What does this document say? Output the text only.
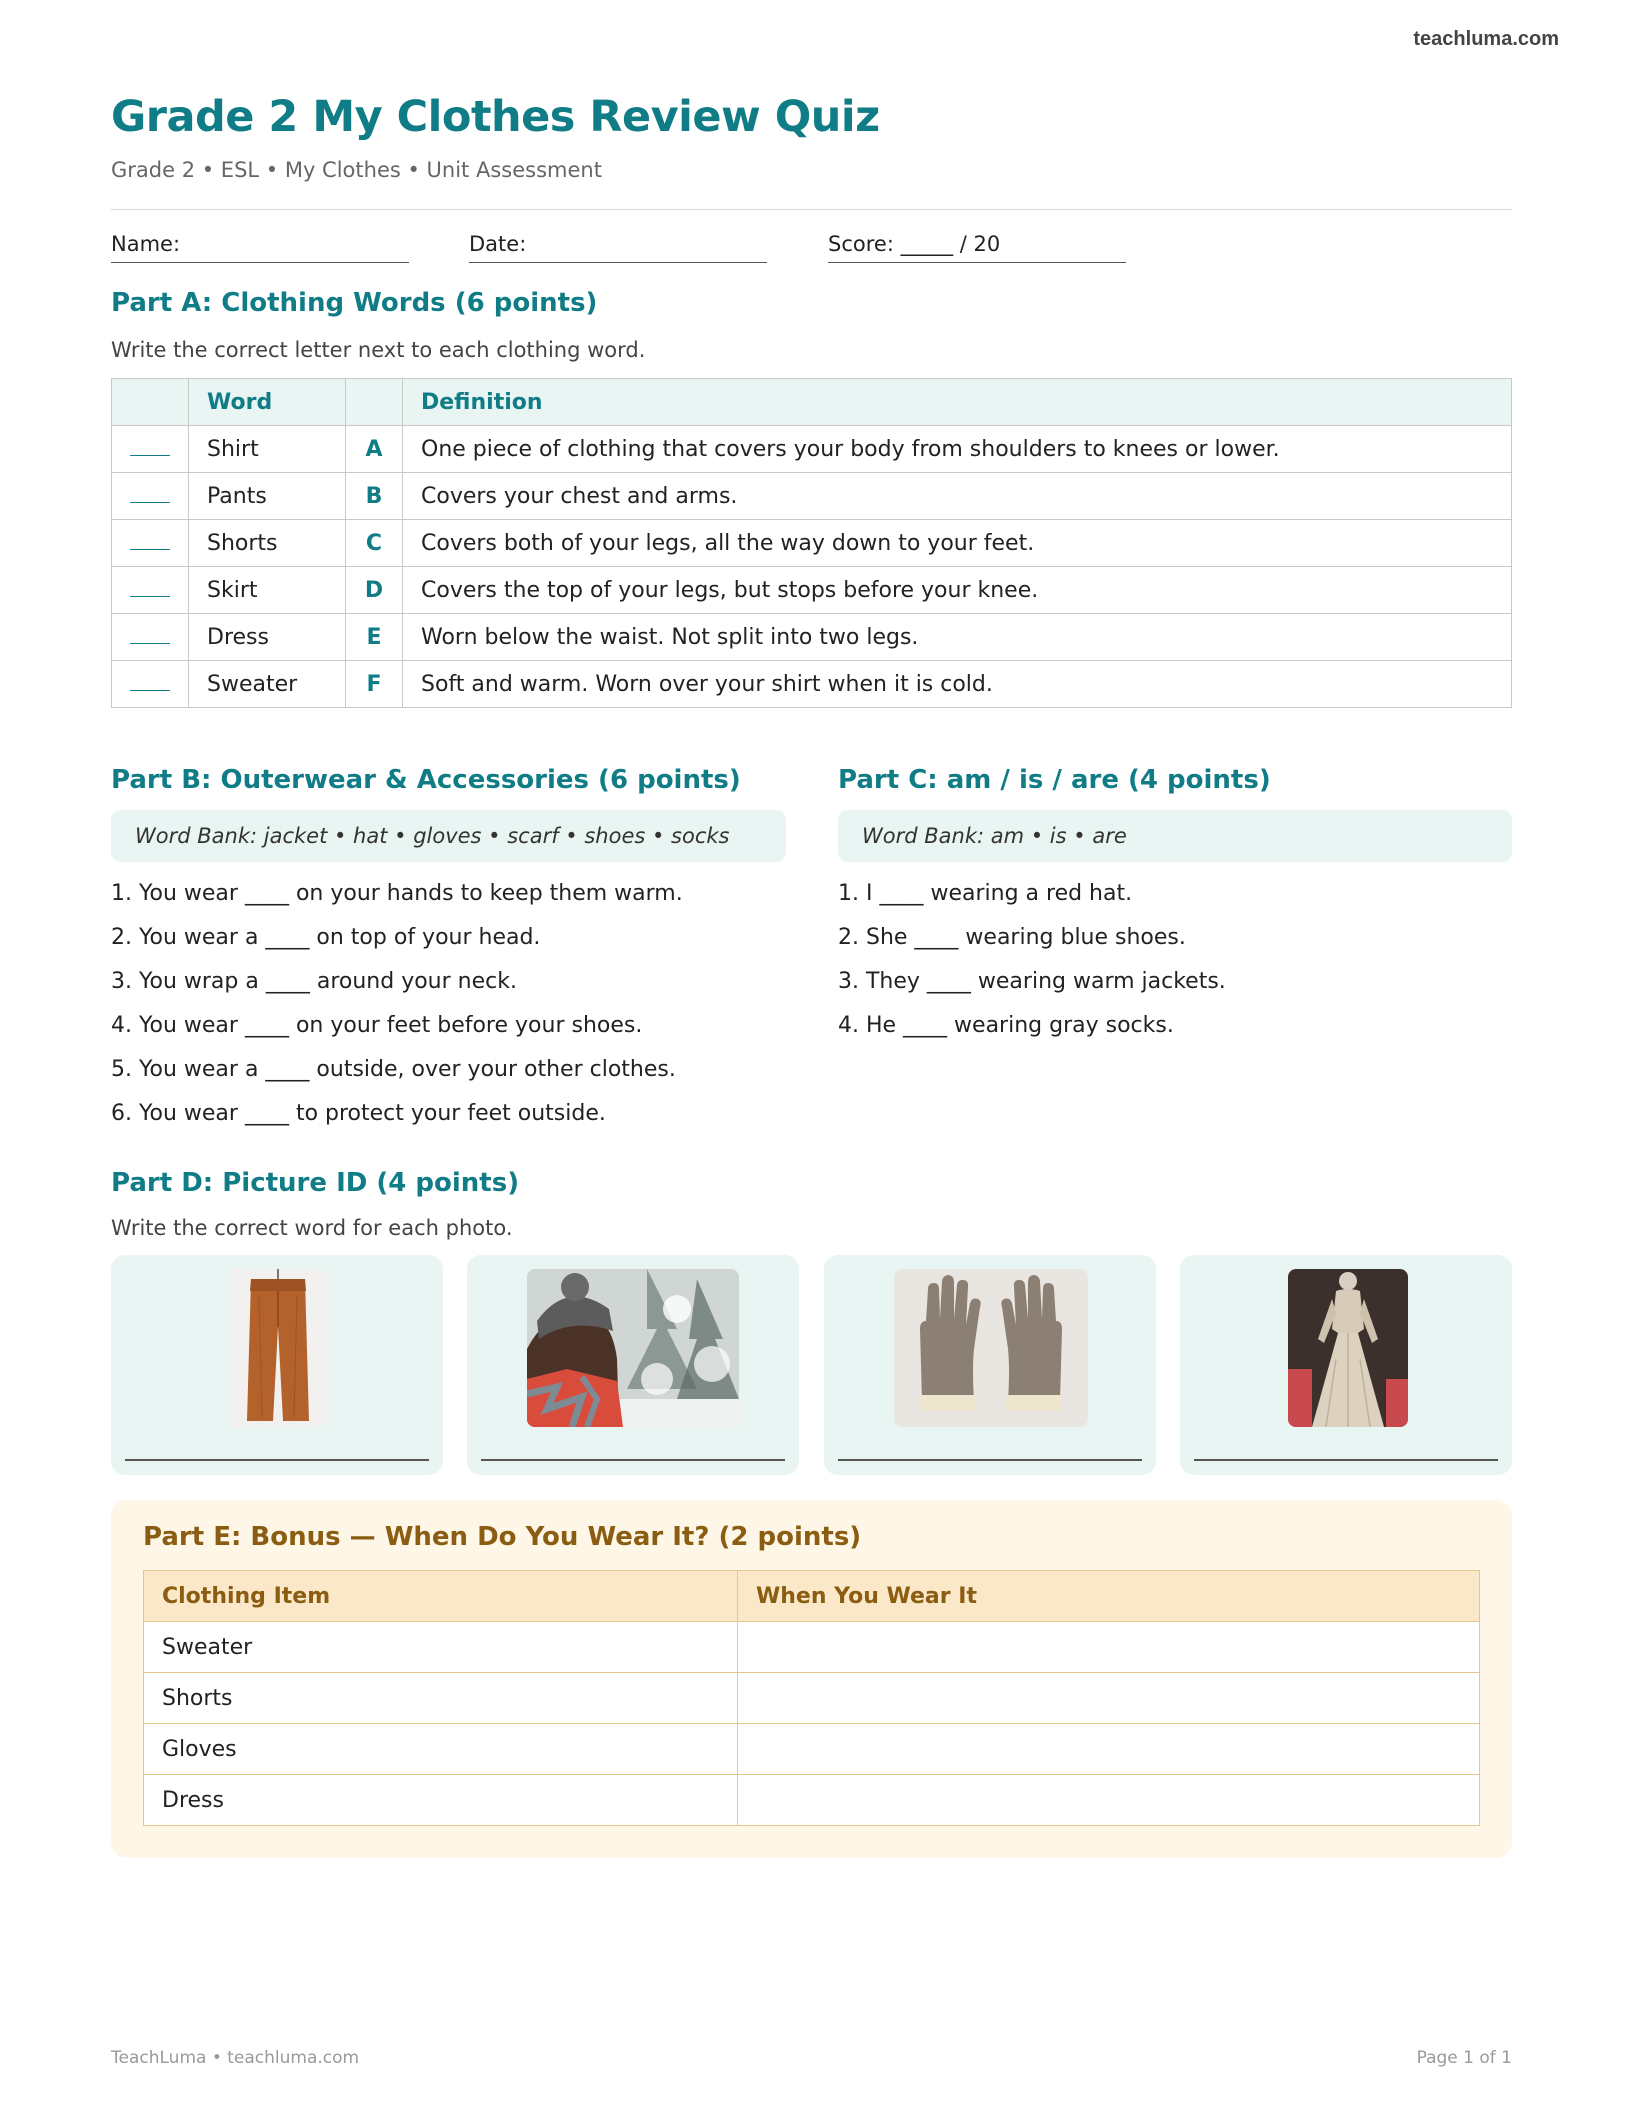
teachluma.com
Grade 2 My Clothes Review Quiz
Grade 2 • ESL • My Clothes • Unit Assessment
Name:	Date:	Score: _____ / 20
Part A: Clothing Words (6 points)
Write the correct letter next to each clothing word.
	Word		Definition
	Shirt	A	One piece of clothing that covers your body from shoulders to knees or lower.
	Pants	B	Covers your chest and arms.
	Shorts	C	Covers both of your legs, all the way down to your feet.
	Skirt	D	Covers the top of your legs, but stops before your knee.
	Dress	E	Worn below the waist. Not split into two legs.
	Sweater	F	Soft and warm. Worn over your shirt when it is cold.
Part B: Outerwear & Accessories (6 points)
Word Bank: jacket • hat • gloves • scarf • shoes • socks
1. You wear ____ on your hands to keep them warm.
2. You wear a ____ on top of your head.
3. You wrap a ____ around your neck.
4. You wear ____ on your feet before your shoes.
5. You wear a ____ outside, over your other clothes.
6. You wear ____ to protect your feet outside.
Part C: am / is / are (4 points)
Word Bank: am • is • are
1. I ____ wearing a red hat.
2. She ____ wearing blue shoes.
3. They ____ wearing warm jackets.
4. He ____ wearing gray socks.
Part D: Picture ID (4 points)
Write the correct word for each photo.
Part E: Bonus — When Do You Wear It? (2 points)
Clothing Item	When You Wear It
Sweater	
Shorts	
Gloves	
Dress	
TeachLuma • teachluma.com	Page 1 of 1
